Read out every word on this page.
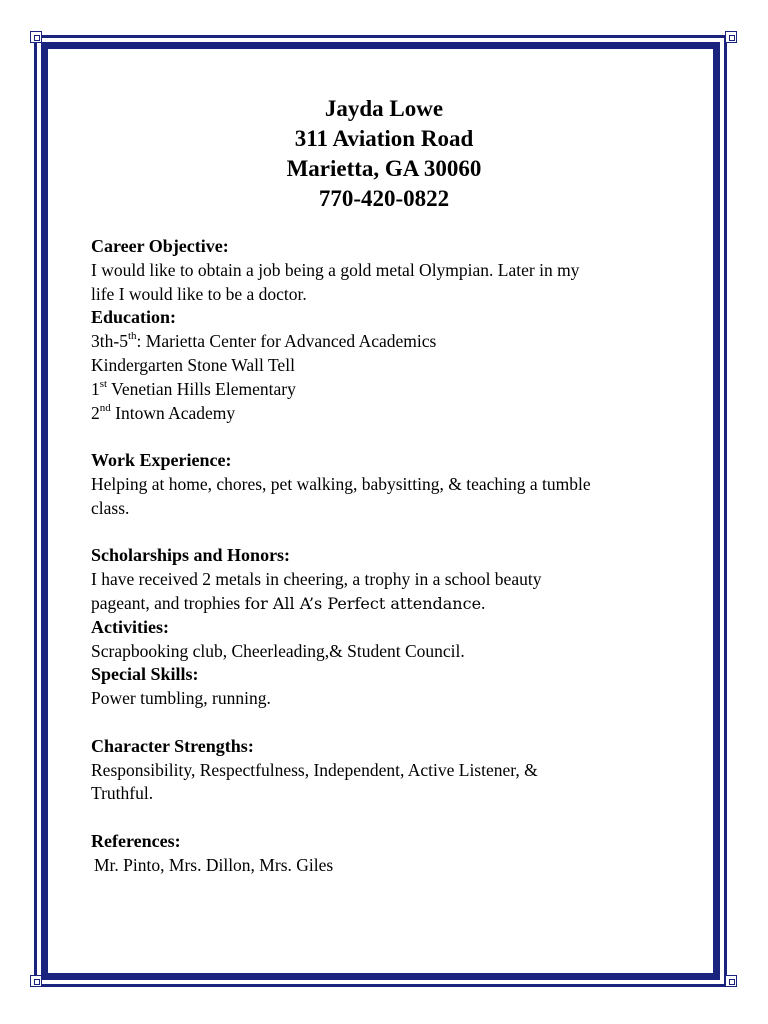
Jayda Lowe
311 Aviation Road
Marietta, GA 30060
770-420-0822
Career Objective:
I would like to obtain a job being a gold metal Olympian. Later in my
life I would like to be a doctor.
Education:
3th-5th: Marietta Center for Advanced Academics
Kindergarten Stone Wall Tell
1st Venetian Hills Elementary
2nd Intown Academy
Work Experience:
Helping at home, chores, pet walking, babysitting, & teaching a tumble
class.
Scholarships and Honors:
I have received 2 metals in cheering, a trophy in a school beauty
pageant, and trophies for All A’s Perfect attendance.
Activities:
Scrapbooking club, Cheerleading,& Student Council.
Special Skills:
Power tumbling, running.
Character Strengths:
Responsibility, Respectfulness, Independent, Active Listener, &
Truthful.
References:
Mr. Pinto, Mrs. Dillon, Mrs. Giles
